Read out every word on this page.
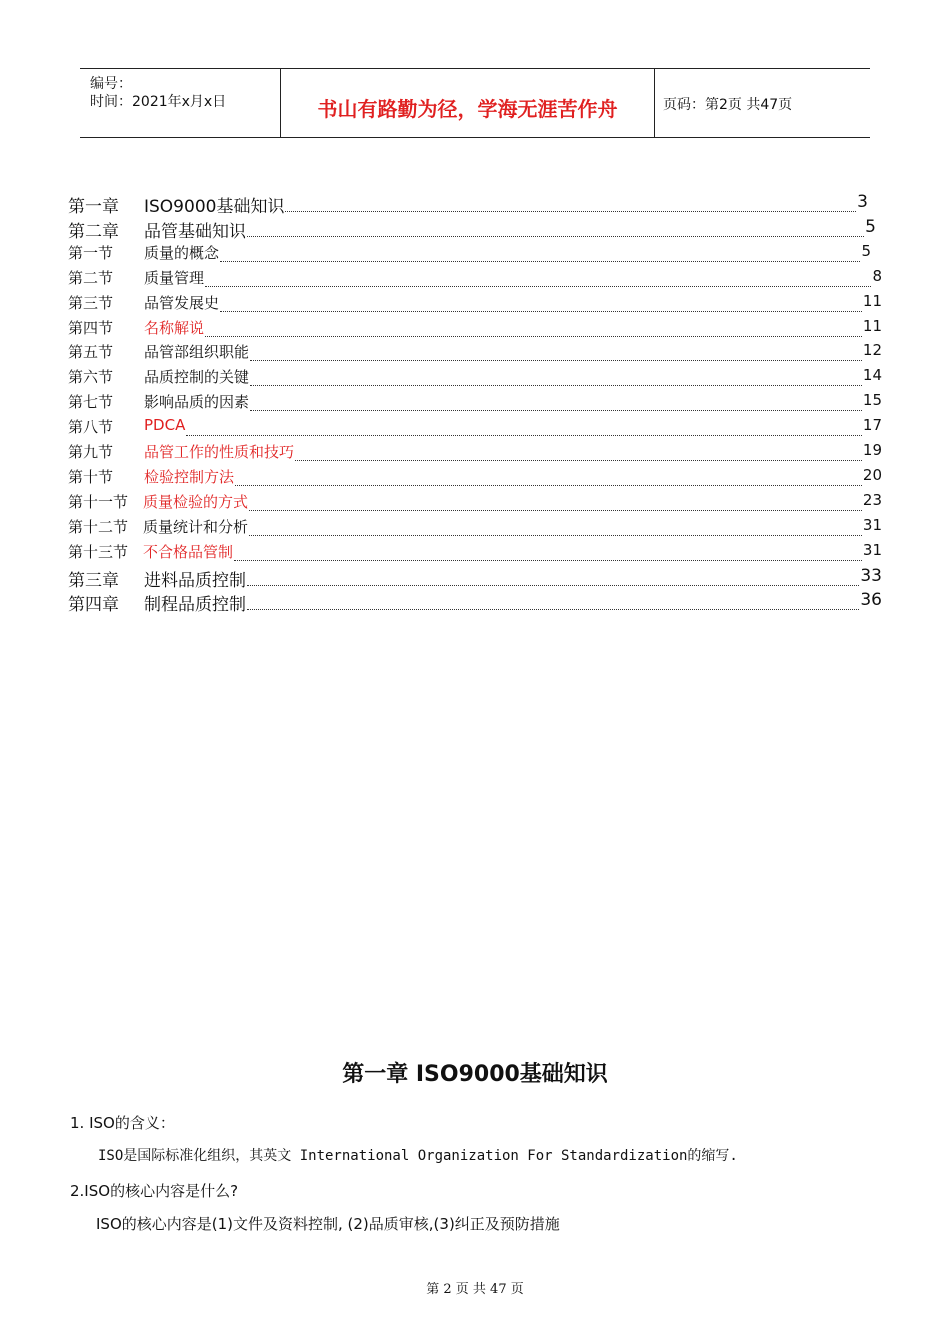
编号：
时间：2021年x月x日	书山有路勤为径，学海无涯苦作舟	页码：第2页 共47页
第一章 ISO9000基础知识	3
第二章 品管基础知识	5
第一节 质量的概念	5
第二节 质量管理	8
第三节 品管发展史	11
第四节 名称解说	11
第五节 品管部组织职能	12
第六节 品质控制的关键	14
第七节 影响品质的因素	15
第八节 PDCA	17
第九节 品管工作的性质和技巧	19
第十节 检验控制方法	20
第十一节 质量检验的方式	23
第十二节 质量统计和分析	31
第十三节 不合格品管制	31
第三章 进料品质控制	33
第四章 制程品质控制	36
第一章 ISO9000基础知识
1. ISO的含义：
ISO是国际标准化组织，其英文 International Organization For Standardization的缩写.
2.ISO的核心内容是什么?
ISO的核心内容是(1)文件及资料控制, (2)品质审核,(3)纠正及预防措施
第 2 页 共 47 页
